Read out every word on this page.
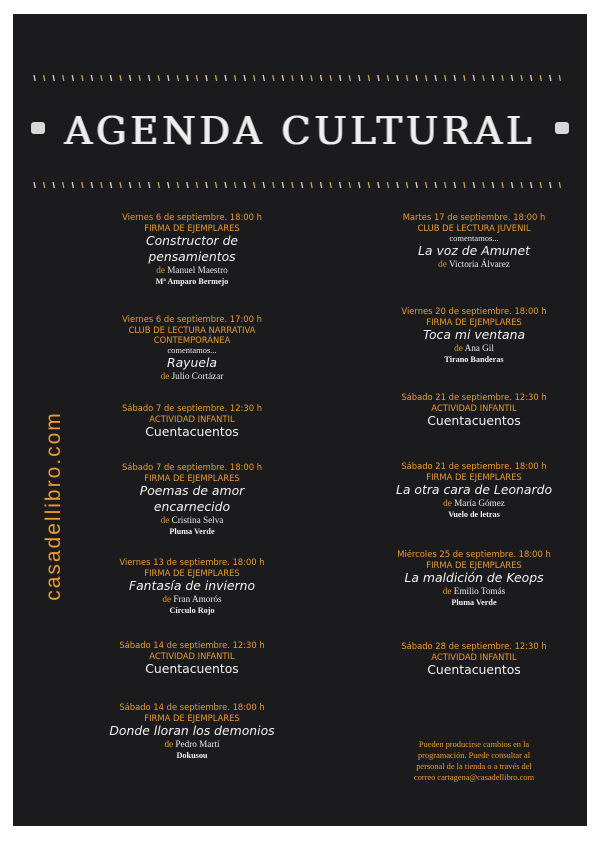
AGENDA CULTURAL
casadellibro.com
Viernes 6 de septiembre. 18:00 h
FIRMA DE EJEMPLARES
Constructor de
pensamientos
de Manuel Maestro
Mª Amparo Bermejo
Viernes 6 de septiembre. 17:00 h
CLUB DE LECTURA NARRATIVA
CONTEMPORÁNEA
comentamos...
Rayuela
de Julio Cortázar
Sábado 7 de septiembre. 12:30 h
ACTIVIDAD INFANTIL
Cuentacuentos
Sábado 7 de septiembre. 18:00 h
FIRMA DE EJEMPLARES
Poemas de amor
encarnecido
de Cristina Selva
Pluma Verde
Viernes 13 de septiembre. 18:00 h
FIRMA DE EJEMPLARES
Fantasía de invierno
de Fran Amorós
Círculo Rojo
Sábado 14 de septiembre. 12:30 h
ACTIVIDAD INFANTIL
Cuentacuentos
Sábado 14 de septiembre. 18:00 h
FIRMA DE EJEMPLARES
Donde lloran los demonios
de Pedro Martí
Dokusou
Martes 17 de septiembre. 18:00 h
CLUB DE LECTURA JUVENIL
comentamos...
La voz de Amunet
de Victoria Álvarez
Viernes 20 de septiembre. 18:00 h
FIRMA DE EJEMPLARES
Toca mi ventana
de Ana Gil
Tirano Banderas
Sábado 21 de septiembre. 12:30 h
ACTIVIDAD INFANTIL
Cuentacuentos
Sábado 21 de septiembre. 18:00 h
FIRMA DE EJEMPLARES
La otra cara de Leonardo
de María Gómez
Vuelo de letras
Miércoles 25 de septiembre. 18:00 h
FIRMA DE EJEMPLARES
La maldición de Keops
de Emilio Tomás
Pluma Verde
Sábado 28 de septiembre. 12:30 h
ACTIVIDAD INFANTIL
Cuentacuentos
Pueden producirse cambios en la
programación. Puede consultar al
personal de la tienda o a través del
correo cartagena@casadellibro.com
